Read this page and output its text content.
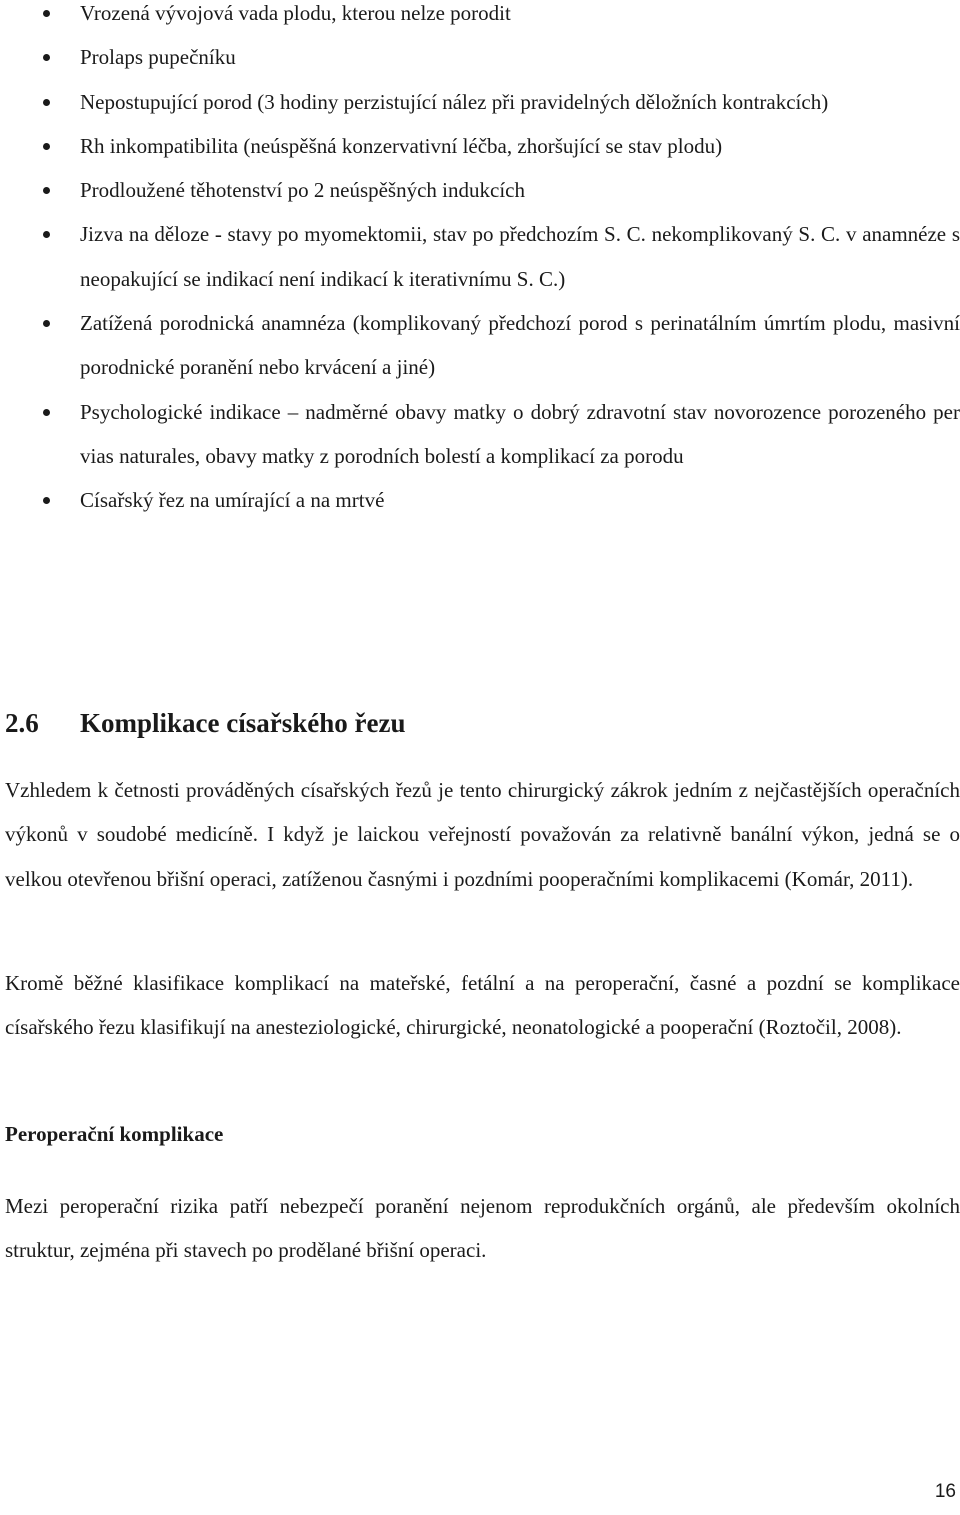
Vrozená vývojová vada plodu, kterou nelze porodit
Prolaps pupečníku
Nepostupující porod (3 hodiny perzistující nález při pravidelných děložních kontrakcích)
Rh inkompatibilita (neúspěšná konzervativní léčba, zhoršující se stav plodu)
Prodloužené těhotenství po 2 neúspěšných indukcích
Jizva na děloze - stavy po myomektomii, stav po předchozím S. C. nekomplikovaný S. C. v anamnéze s neopakující se indikací není indikací k iterativnímu S. C.)
Zatížená porodnická anamnéza (komplikovaný předchozí porod s perinatálním úmrtím plodu, masivní porodnické poranění nebo krvácení a jiné)
Psychologické indikace – nadměrné obavy matky o dobrý zdravotní stav novorozence porozeného per vias naturales, obavy matky z porodních bolestí a komplikací za porodu
Císařský řez na umírající a na mrtvé
2.6 Komplikace císařského řezu

Vzhledem k četnosti prováděných císařských řezů je tento chirurgický zákrok jedním z nejčastějších operačních výkonů v soudobé medicíně. I když je laickou veřejností považován za relativně banální výkon, jedná se o velkou otevřenou břišní operaci, zatíženou časnými i pozdními pooperačními komplikacemi (Komár, 2011).

Kromě běžné klasifikace komplikací na mateřské, fetální a na peroperační, časné a pozdní se komplikace císařského řezu klasifikují na anesteziologické, chirurgické, neonatologické a pooperační (Roztočil, 2008).

Peroperační komplikace

Mezi peroperační rizika patří nebezpečí poranění nejenom reprodukčních orgánů, ale především okolních struktur, zejména při stavech po prodělané břišní operaci.

16
